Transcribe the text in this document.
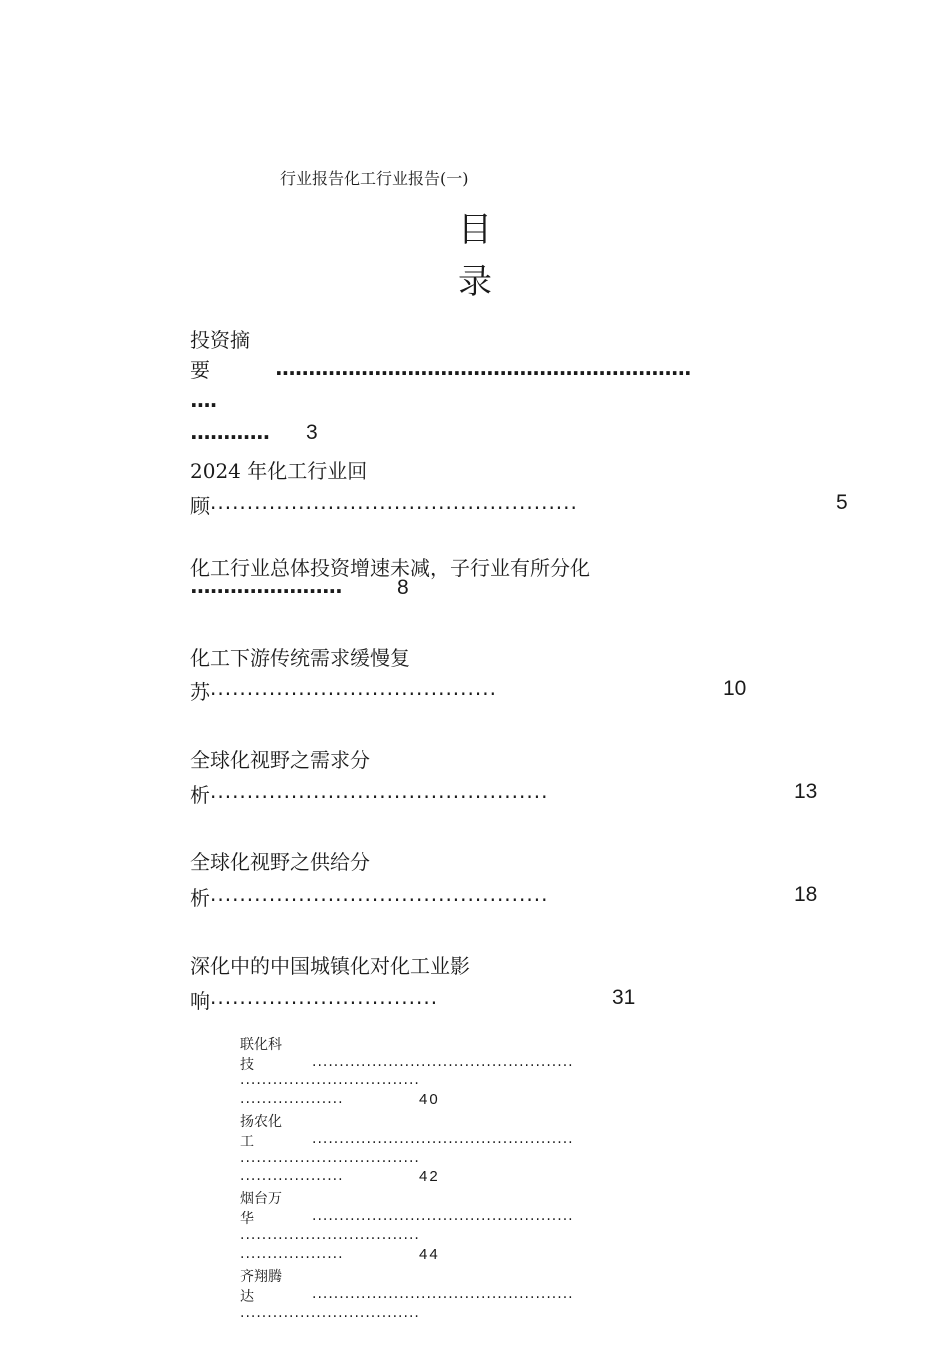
行业报告化工行业报告(一)
目
录
投资摘
要	...............................................................
....
............ 3
2024 年化工行业回
顾 ..................................................	5
化工行业总体投资增速未减，子行业有所分化
.......................	8
化工下游传统需求缓慢复
苏 .......................................	10
全球化视野之需求分
析 ..............................................	13
全球化视野之供给分
析 ..............................................	18
深化中的中国城镇化对化工业影
响 ...............................	31
联化科
技	................................................
.................................
...................	40
扬农化
工	................................................
.................................
...................	42
烟台万
华	................................................
.................................
...................	44
齐翔腾
达	................................................
.................................
